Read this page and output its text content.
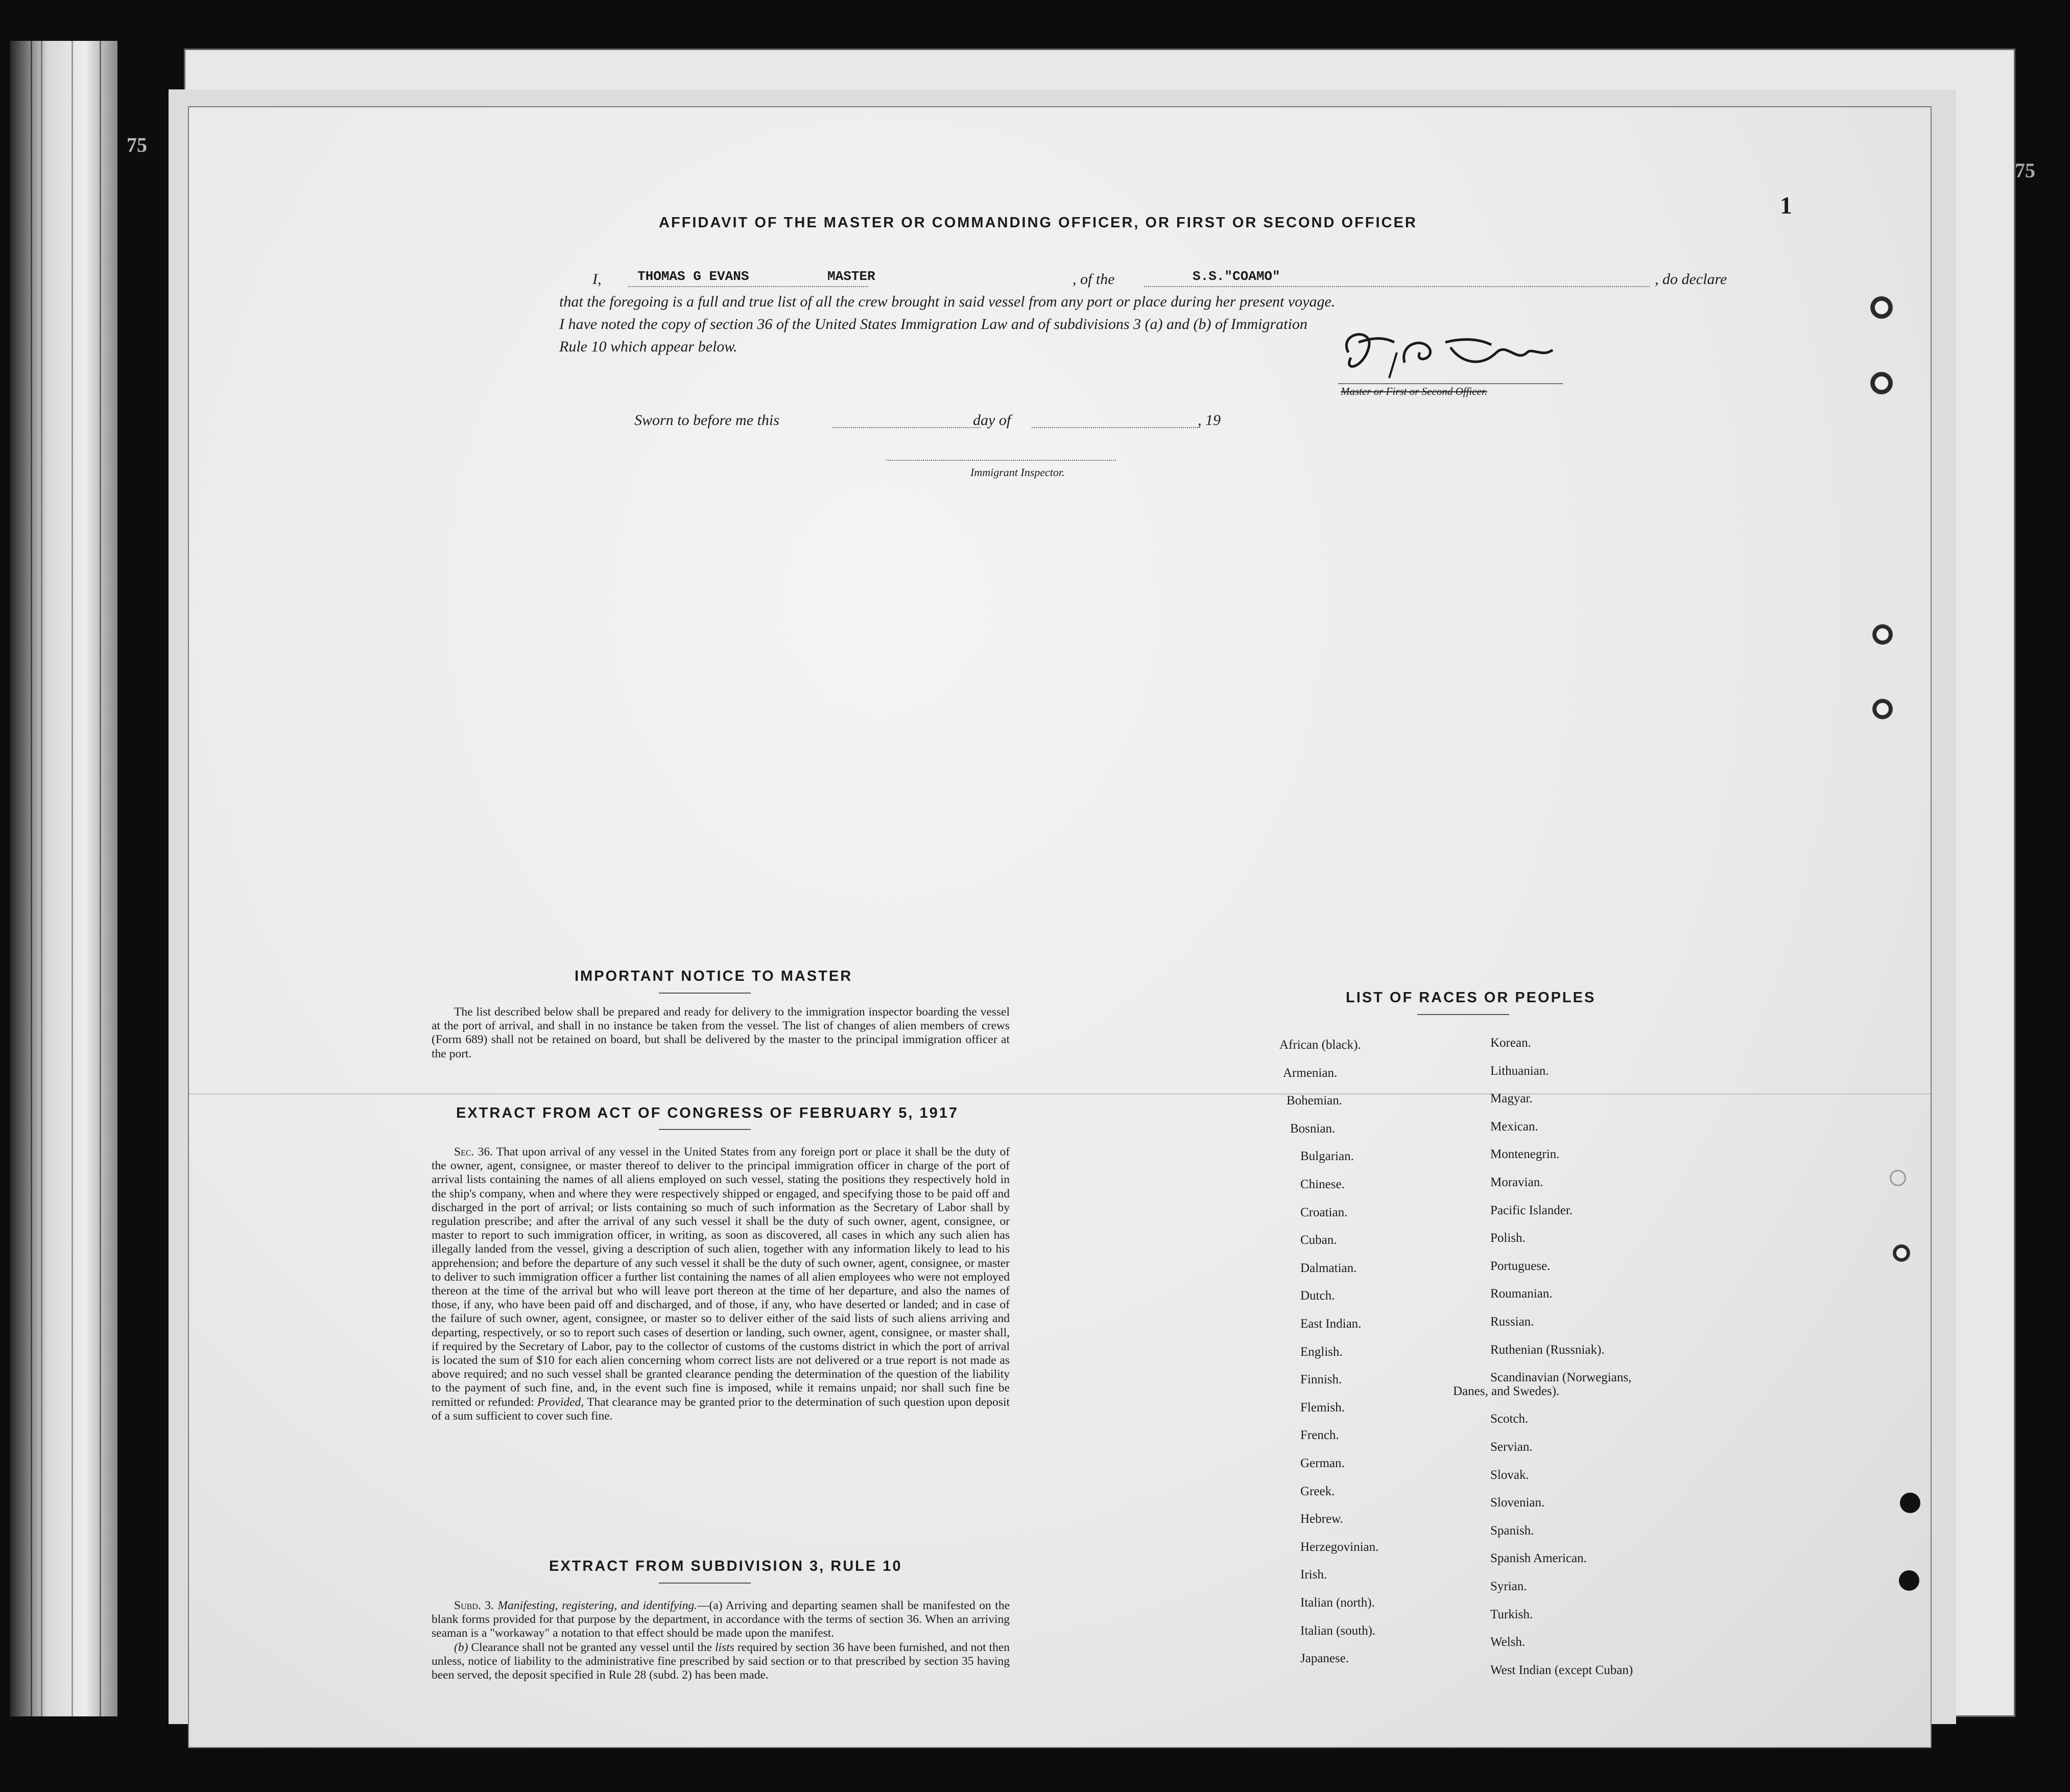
75
75
1
AFFIDAVIT OF THE MASTER OR COMMANDING OFFICER, OR FIRST OR SECOND OFFICER
I,	THOMAS G EVANS	MASTER	, of the	S.S."COAMO"	, do declare
that the foregoing is a full and true list of all the crew brought in said vessel from any port or place during her present voyage.
I have noted the copy of section 36 of the United States Immigration Law and of subdivisions 3 (a) and (b) of Immigration
Rule 10 which appear below.
Master or First or Second Officer.
Sworn to before me this	day of	, 19
Immigrant Inspector.
IMPORTANT NOTICE TO MASTER

The list described below shall be prepared and ready for delivery to the immigration inspector boarding the vessel at the port of arrival, and shall in no instance be taken from the vessel. The list of changes of alien members of crews (Form 689) shall not be retained on board, but shall be delivered by the master to the principal immigration officer at the port.

EXTRACT FROM ACT OF CONGRESS OF FEBRUARY 5, 1917

Sec. 36. That upon arrival of any vessel in the United States from any foreign port or place it shall be the duty of the owner, agent, consignee, or master thereof to deliver to the principal immigration officer in charge of the port of arrival lists containing the names of all aliens employed on such vessel, stating the positions they respectively hold in the ship's company, when and where they were respectively shipped or engaged, and specifying those to be paid off and discharged in the port of arrival; or lists containing so much of such information as the Secretary of Labor shall by regulation prescribe; and after the arrival of any such vessel it shall be the duty of such owner, agent, consignee, or master to report to such immigration officer, in writing, as soon as discovered, all cases in which any such alien has illegally landed from the vessel, giving a description of such alien, together with any information likely to lead to his apprehension; and before the departure of any such vessel it shall be the duty of such owner, agent, consignee, or master to deliver to such immigration officer a further list containing the names of all alien employees who were not employed thereon at the time of the arrival but who will leave port thereon at the time of her departure, and also the names of those, if any, who have been paid off and discharged, and of those, if any, who have deserted or landed; and in case of the failure of such owner, agent, consignee, or master so to deliver either of the said lists of such aliens arriving and departing, respectively, or so to report such cases of desertion or landing, such owner, agent, consignee, or master shall, if required by the Secretary of Labor, pay to the collector of customs of the customs district in which the port of arrival is located the sum of $10 for each alien concerning whom correct lists are not delivered or a true report is not made as above required; and no such vessel shall be granted clearance pending the determination of the question of the liability to the payment of such fine, and, in the event such fine is imposed, while it remains unpaid; nor shall such fine be remitted or refunded: Provided, That clearance may be granted prior to the determination of such question upon deposit of a sum sufficient to cover such fine.

EXTRACT FROM SUBDIVISION 3, RULE 10

Subd. 3. Manifesting, registering, and identifying.—(a) Arriving and departing seamen shall be manifested on the blank forms provided for that purpose by the department, in accordance with the terms of section 36. When an arriving seaman is a "workaway" a notation to that effect should be made upon the manifest.

(b) Clearance shall not be granted any vessel until the lists required by section 36 have been furnished, and not then unless, notice of liability to the administrative fine prescribed by said section or to that prescribed by section 35 having been served, the deposit specified in Rule 28 (subd. 2) has been made.

LIST OF RACES OR PEOPLES
African (black).
Armenian.
Bohemian.
Bosnian.
Bulgarian.
Chinese.
Croatian.
Cuban.
Dalmatian.
Dutch.
East Indian.
English.
Finnish.
Flemish.
French.
German.
Greek.
Hebrew.
Herzegovinian.
Irish.
Italian (north).
Italian (south).
Japanese.
Korean.
Lithuanian.
Magyar.
Mexican.
Montenegrin.
Moravian.
Pacific Islander.
Polish.
Portuguese.
Roumanian.
Russian.
Ruthenian (Russniak).
Scandinavian (Norwegians,
Danes, and Swedes).
Scotch.
Servian.
Slovak.
Slovenian.
Spanish.
Spanish American.
Syrian.
Turkish.
Welsh.
West Indian (except Cuban)
